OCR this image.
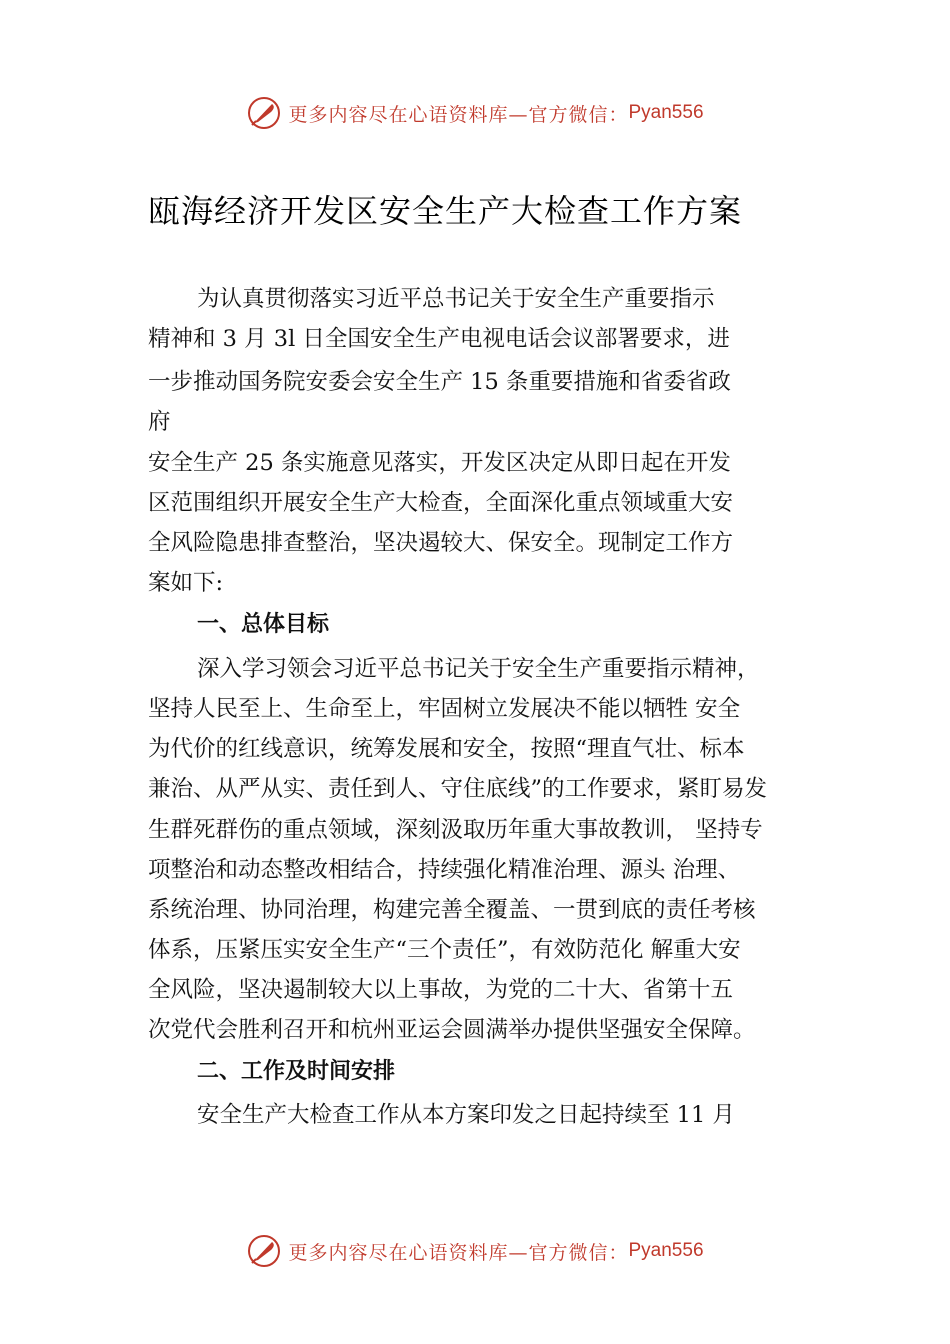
更多内容尽在心语资料库—官方微信： Pyan556
瓯海经济开发区安全生产大检查工作方案
为认真贯彻落实习近平总书记关于安全生产重要指示
精神和 3 月 3l 日全国安全生产电视电话会议部署要求，进
一步推动国务院安委会安全生产 15 条重要措施和省委省政
府
安全生产 25 条实施意见落实，开发区决定从即日起在开发
区范围组织开展安全生产大检查，全面深化重点领域重大安
全风险隐患排查整治，坚决遏较大、保安全。现制定工作方
案如下:
一、总体目标
深入学习领会习近平总书记关于安全生产重要指示精神，
坚持人民至上、生命至上，牢固树立发展决不能以牺牲 安全
为代价的红线意识，统筹发展和安全，按照“理直气壮、标本
兼治、从严从实、责任到人、守住底线”的工作要求，紧盯易发
生群死群伤的重点领域，深刻汲取历年重大事故教训， 坚持专
项整治和动态整改相结合，持续强化精准治理、源头 治理、
系统治理、协同治理，构建完善全覆盖、一贯到底的责任考核
体系，压紧压实安全生产“三个责任”，有效防范化 解重大安
全风险，坚决遏制较大以上事故，为党的二十大、省第十五
次党代会胜利召开和杭州亚运会圆满举办提供坚强安全保障。
二、工作及时间安排
安全生产大检查工作从本方案印发之日起持续至 11 月
更多内容尽在心语资料库—官方微信： Pyan556
